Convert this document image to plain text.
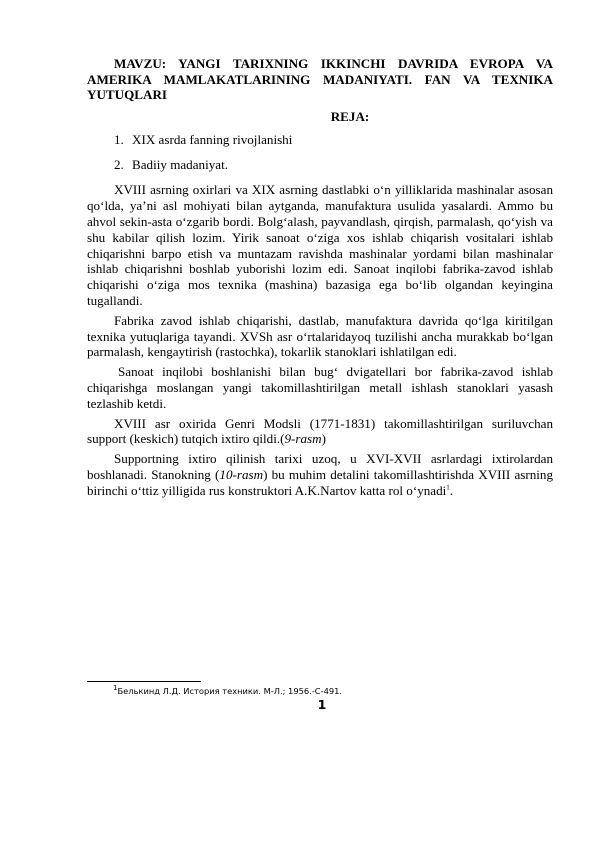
MAVZU: YANGI TARIXNING IKKINCHI DAVRIDA EVROPA VA AMERIKA MAMLAKATLARINING MADANIYATI. FAN VA TEXNIKA YUTUQLARI

REJA:

1. XIX asrda fanning rivojlanishi
2. Badiiy madaniyat.

XVIII asrning oxirlari va XIX asrning dastlabki o‘n yilliklarida mashinalar asosan qo‘lda, ya’ni asl mohiyati bilan aytganda, manufaktura usulida yasalardi. Ammo bu ahvol sekin-asta o‘zgarib bordi. Bolg‘alash, payvandlash, qirqish, parmalash, qo‘yish va shu kabilar qilish lozim. Yirik sanoat o‘ziga xos ishlab chiqarish vositalari ishlab chiqarishni barpo etish va muntazam ravishda mashinalar yordami bilan mashinalar ishlab chiqarishni boshlab yuborishi lozim edi. Sanoat inqilobi fabrika-zavod ishlab chiqarishi o‘ziga mos texnika (mashina) bazasiga ega bo‘lib olgandan keyingina tugallandi.

Fabrika zavod ishlab chiqarishi, dastlab, manufaktura davrida qo‘lga kiritilgan texnika yutuqlariga tayandi. XVSh asr o‘rtalaridayoq tuzilishi ancha murakkab bo‘lgan parmalash, kengaytirish (rastochka), tokarlik stanoklari ishlatilgan edi.

Sanoat inqilobi boshlanishi bilan bug‘ dvigatellari bor fabrika-zavod ishlab chiqarishga moslangan yangi takomillashtirilgan metall ishlash stanoklari yasash tezlashib ketdi.

XVIII asr oxirida Genri Modsli (1771-1831) takomillashtirilgan suriluvchan support (keskich) tutqich ixtiro qildi.(9-rasm)

Supportning ixtiro qilinish tarixi uzoq, u XVI-XVII asrlardagi ixtirolardan boshlanadi. Stanokning (10-rasm) bu muhim detalini takomillashtirishda XVIII asrning birinchi o‘ttiz yilligida rus konstruktori A.K.Nartov katta rol o‘ynadi$^1$.

$^1$Белькинд Л.Д. История техники. М-Л.; 1956.-С-491.
1
